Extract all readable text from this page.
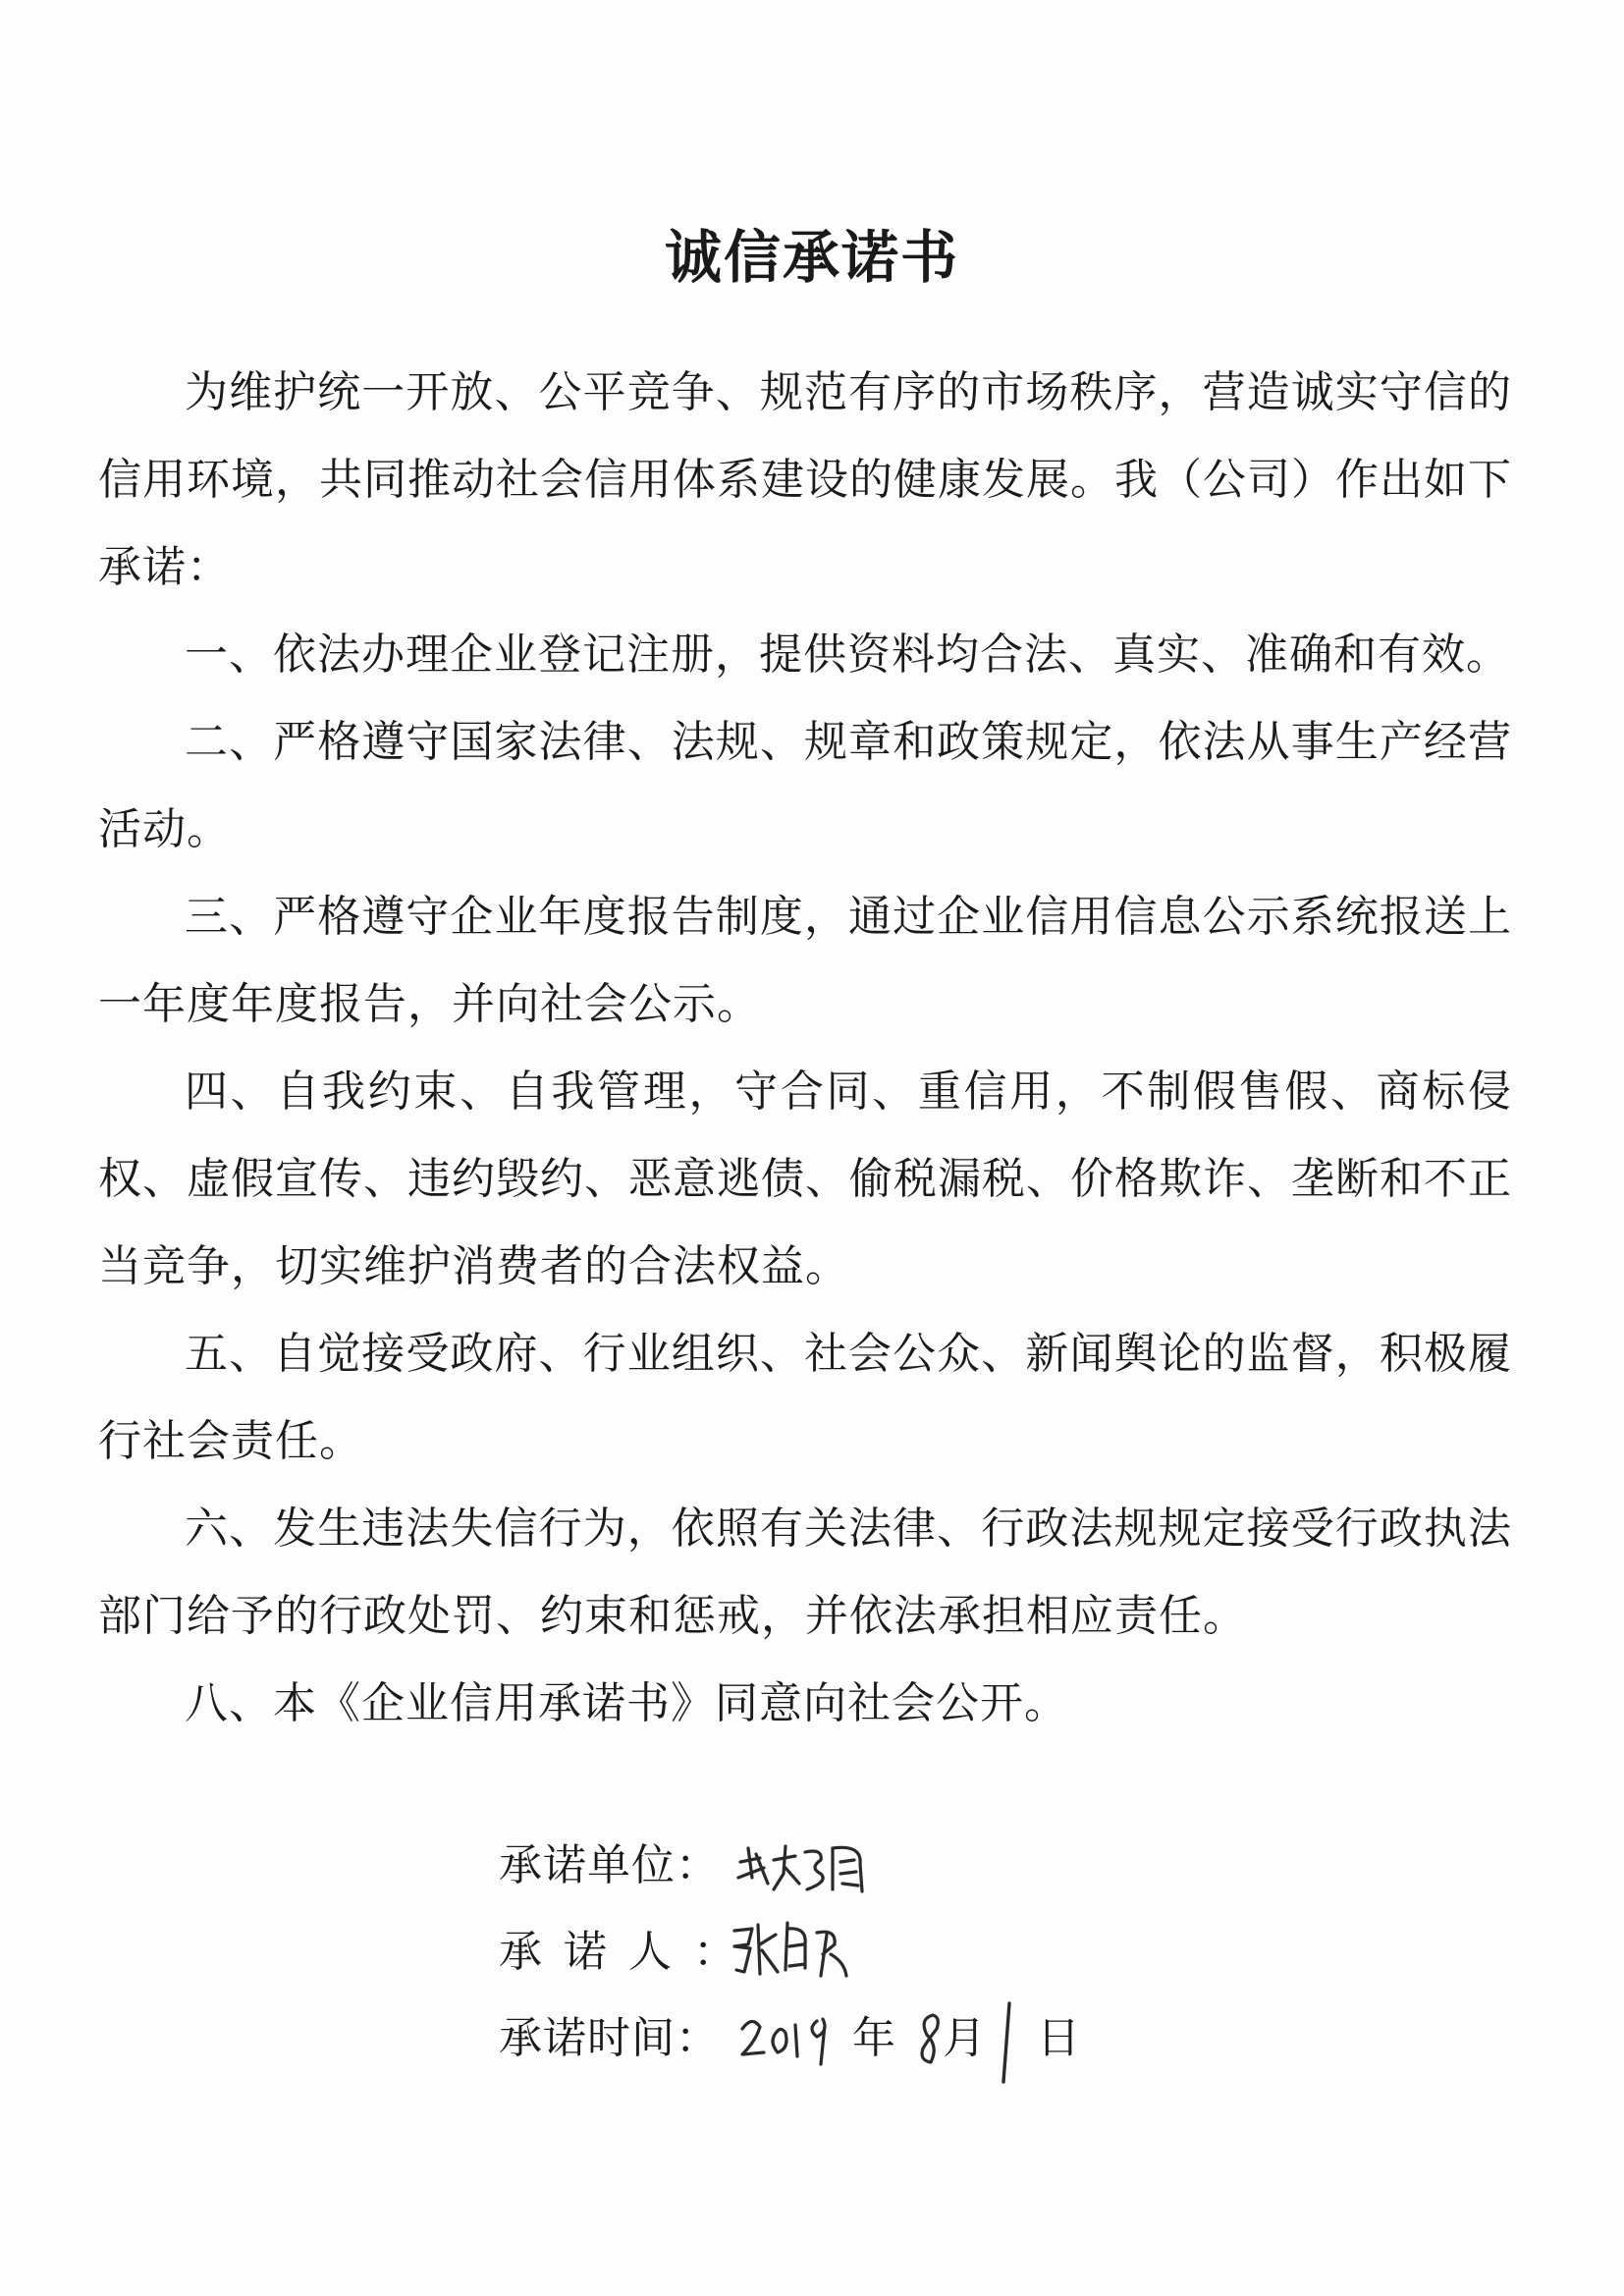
诚信承诺书

为维护统一开放、公平竞争、规范有序的市场秩序，营造诚实守信的信用环境，共同推动社会信用体系建设的健康发展。我（公司）作出如下承诺：

一、依法办理企业登记注册，提供资料均合法、真实、准确和有效。

二、严格遵守国家法律、法规、规章和政策规定，依法从事生产经营活动。

三、严格遵守企业年度报告制度，通过企业信用信息公示系统报送上一年度年度报告，并向社会公示。

四、自我约束、自我管理，守合同、重信用，不制假售假、商标侵权、虚假宣传、违约毁约、恶意逃债、偷税漏税、价格欺诈、垄断和不正当竞争，切实维护消费者的合法权益。

五、自觉接受政府、行业组织、社会公众、新闻舆论的监督，积极履行社会责任。

六、发生违法失信行为，依照有关法律、行政法规规定接受行政执法部门给予的行政处罚、约束和惩戒，并依法承担相应责任。

八、本《企业信用承诺书》同意向社会公开。

承诺单位：
承诺人：
承诺时间：	年 月 日
